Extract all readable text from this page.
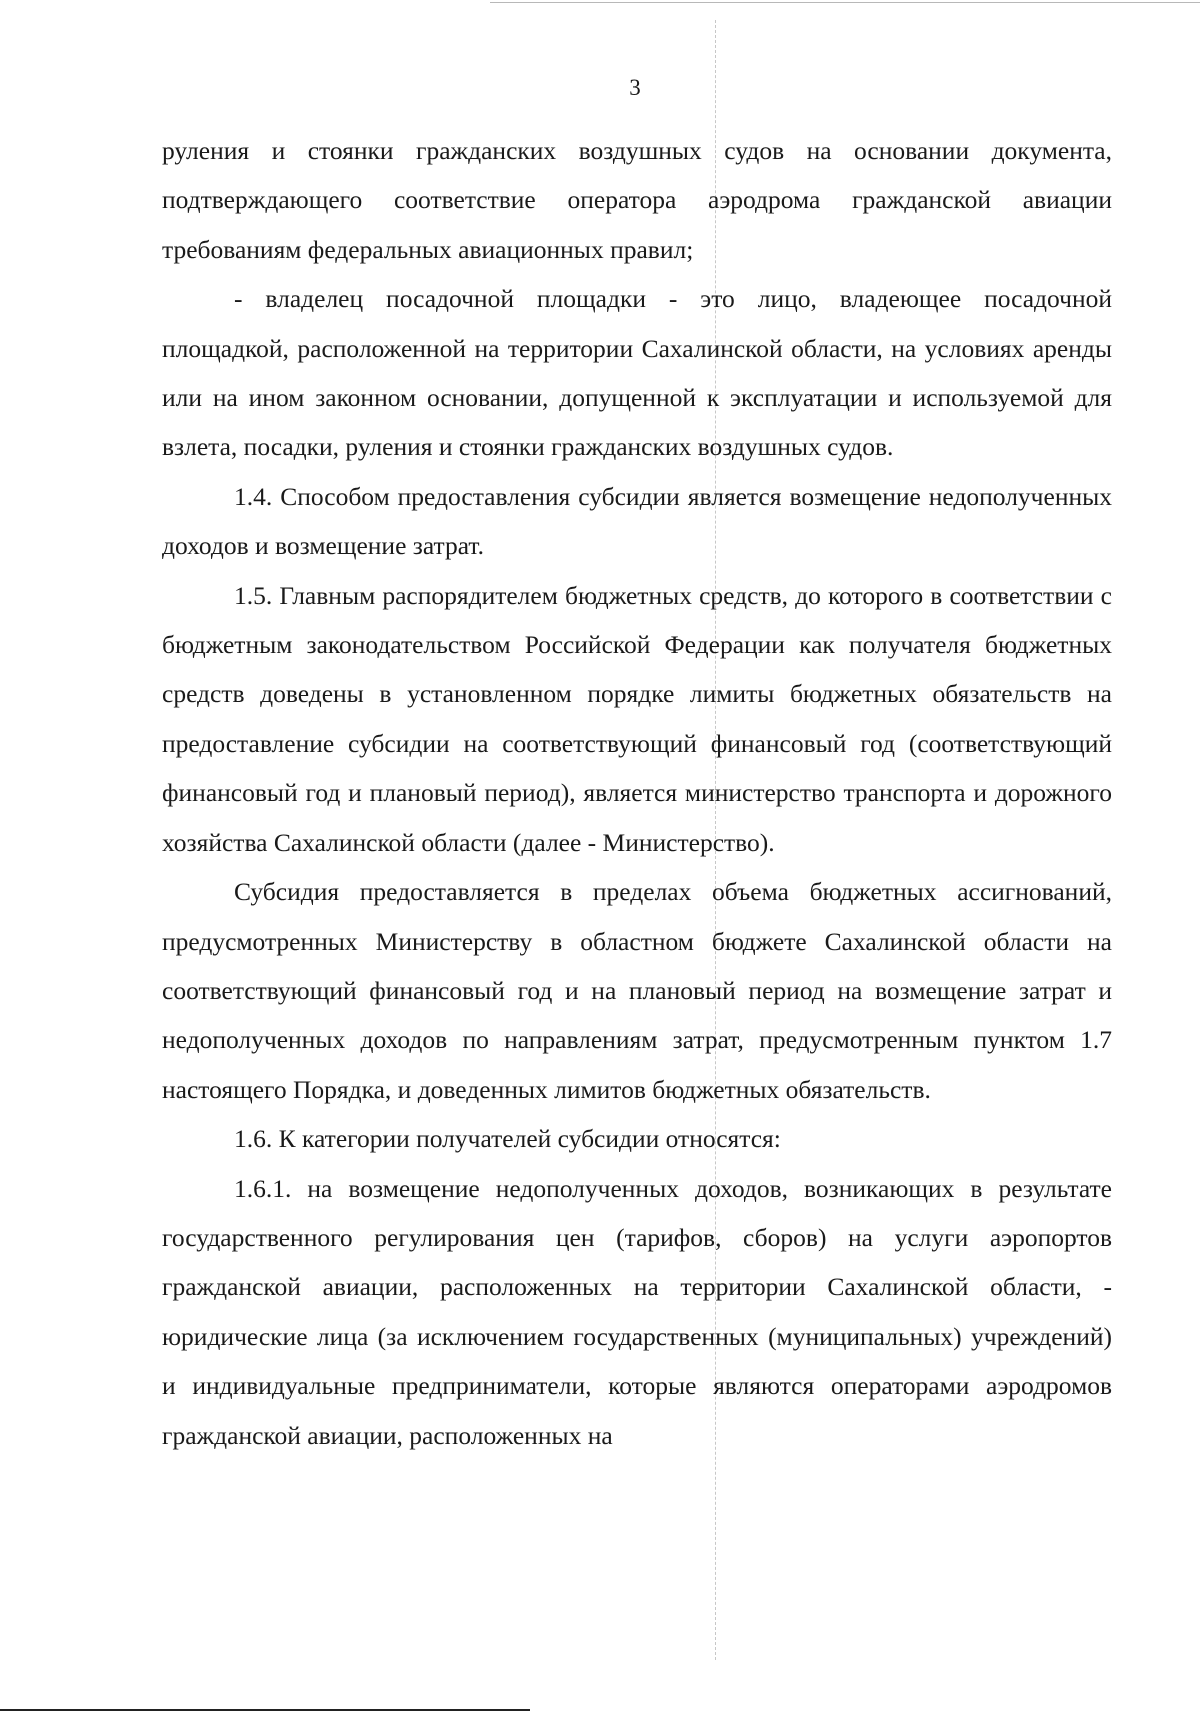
3

руления и стоянки гражданских воздушных судов на основании документа, подтверждающего соответствие оператора аэродрома гражданской авиации требованиям федеральных авиационных правил;

- владелец посадочной площадки - это лицо, владеющее посадочной площадкой, расположенной на территории Сахалинской области, на условиях аренды или на ином законном основании, допущенной к эксплуатации и используемой для взлета, посадки, руления и стоянки гражданских воздушных судов.

1.4. Способом предоставления субсидии является возмещение недополученных доходов и возмещение затрат.

1.5. Главным распорядителем бюджетных средств, до которого в соответствии с бюджетным законодательством Российской Федерации как получателя бюджетных средств доведены в установленном порядке лимиты бюджетных обязательств на предоставление субсидии на соответствующий финансовый год (соответствующий финансовый год и плановый период), является министерство транспорта и дорожного хозяйства Сахалинской области (далее - Министерство).

Субсидия предоставляется в пределах объема бюджетных ассигнований, предусмотренных Министерству в областном бюджете Сахалинской области на соответствующий финансовый год и на плановый период на возмещение затрат и недополученных доходов по направлениям затрат, предусмотренным пунктом 1.7 настоящего Порядка, и доведенных лимитов бюджетных обязательств.

1.6. К категории получателей субсидии относятся:

1.6.1. на возмещение недополученных доходов, возникающих в результате государственного регулирования цен (тарифов, сборов) на услуги аэропортов гражданской авиации, расположенных на территории Сахалинской области, - юридические лица (за исключением государственных (муниципальных) учреждений) и индивидуальные предприниматели, которые являются операторами аэродромов гражданской авиации, расположенных на
